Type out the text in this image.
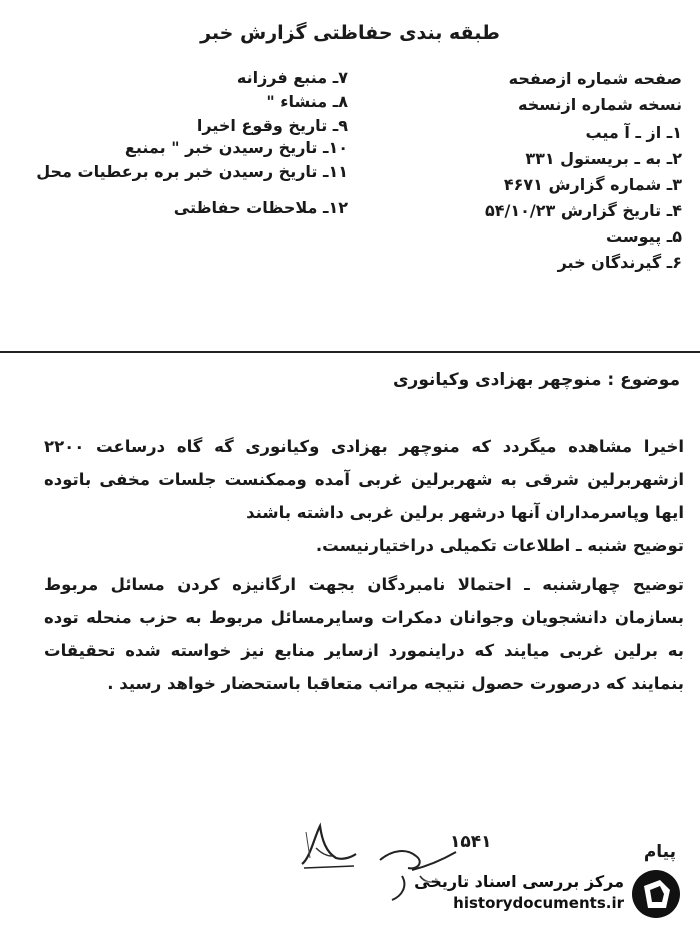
طبقه بندی حفاظتی گزارش خبر
صفحه شماره ازصفحه
نسخه شماره ازنسخه
۱ـ از ـ آ میب
۲ـ به ـ بریستول ۳۳۱
۳ـ شماره گزارش ۴۶۷۱
۴ـ تاریخ گزارش ۵۴/۱۰/۲۳
۵ـ پیوست
۶ـ گیرندگان خبر
۷ـ منبع فرزانه
۸ـ منشاء "
۹ـ تاریخ وقوع اخیرا
۱۰ـ تاریخ رسیدن خبر " بمنبع
۱۱ـ تاریخ رسیدن خبر بره برعطیات محل
۱۲ـ ملاحظات حفاظتی
موضوع : منوچهر بهزادی وکیانوری

اخیرا مشاهده میگردد که منوچهر بهزادی وکیانوری گه گاه درساعت ۲۲۰۰ ازشهربرلین شرقی به شهربرلین غربی آمده وممکنست جلسات مخفی باتوده ایها وپاسرمداران آنها درشهر برلین غربی داشته باشند

توضیح شنبه ـ اطلاعات تکمیلی دراختیارنیست.

توضیح چهارشنبه ـ احتمالا نامبردگان بجهت ارگانیزه کردن مسائل مربوط بسازمان دانشجویان وجوانان دمکرات وسایرمسائل مربوط به حزب منحله توده به برلین غربی میایند که دراینمورد ازسایر منابع نیز خواسته شده تحقیقات بنمایند که درصورت حصول نتیجه مراتب متعاقبا باستحضار خواهد رسید .

پیام
۱۵۴۱
مرکز بررسی اسناد تاریخی
historydocuments.ir
